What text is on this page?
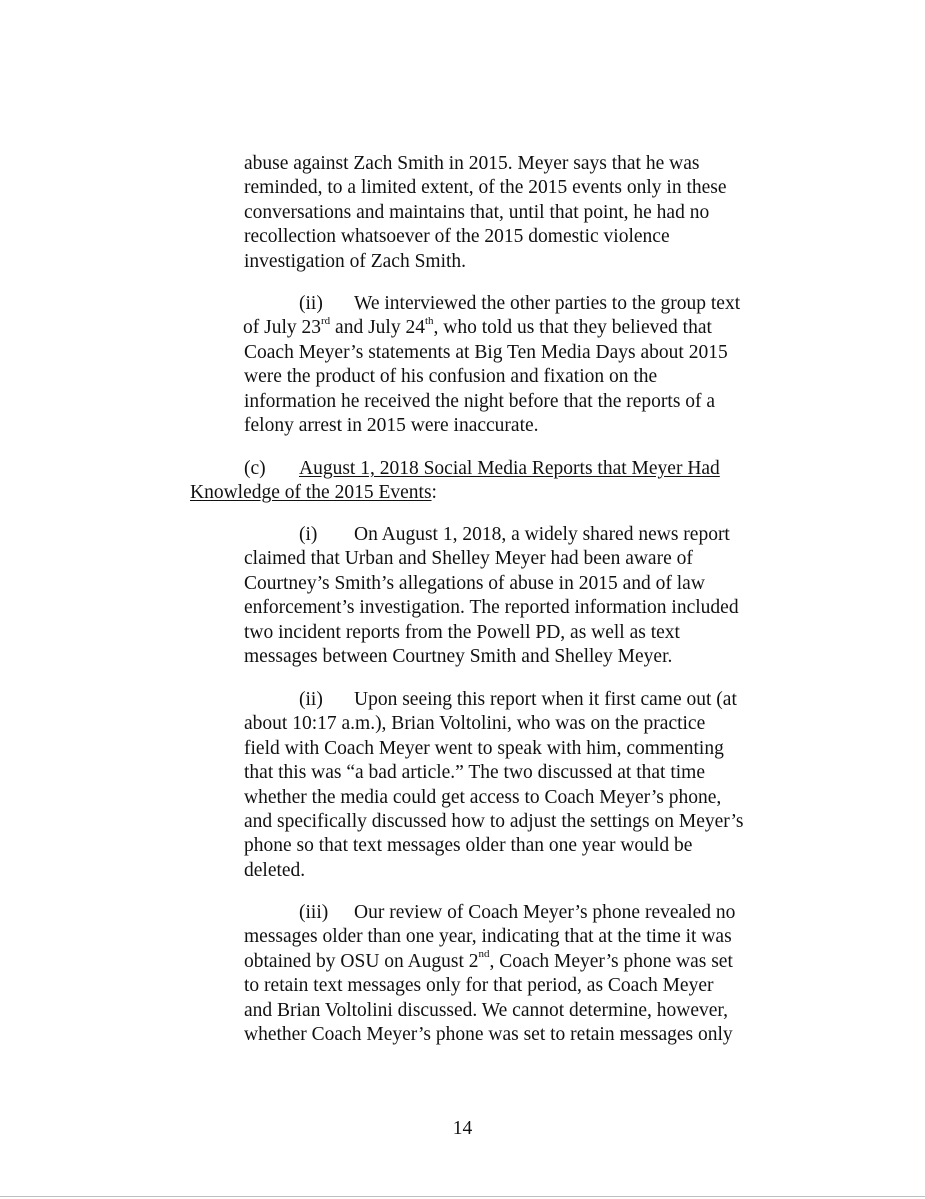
abuse against Zach Smith in 2015. Meyer says that he was
reminded, to a limited extent, of the 2015 events only in these
conversations and maintains that, until that point, he had no
recollection whatsoever of the 2015 domestic violence
investigation of Zach Smith.
(ii) We interviewed the other parties to the group text
of July 23rd and July 24th, who told us that they believed that
Coach Meyer’s statements at Big Ten Media Days about 2015
were the product of his confusion and fixation on the
information he received the night before that the reports of a
felony arrest in 2015 were inaccurate.
(c) August 1, 2018 Social Media Reports that Meyer Had
Knowledge of the 2015 Events:
(i) On August 1, 2018, a widely shared news report
claimed that Urban and Shelley Meyer had been aware of
Courtney’s Smith’s allegations of abuse in 2015 and of law
enforcement’s investigation. The reported information included
two incident reports from the Powell PD, as well as text
messages between Courtney Smith and Shelley Meyer.
(ii) Upon seeing this report when it first came out (at
about 10:17 a.m.), Brian Voltolini, who was on the practice
field with Coach Meyer went to speak with him, commenting
that this was “a bad article.” The two discussed at that time
whether the media could get access to Coach Meyer’s phone,
and specifically discussed how to adjust the settings on Meyer’s
phone so that text messages older than one year would be
deleted.
(iii) Our review of Coach Meyer’s phone revealed no
messages older than one year, indicating that at the time it was
obtained by OSU on August 2nd, Coach Meyer’s phone was set
to retain text messages only for that period, as Coach Meyer
and Brian Voltolini discussed. We cannot determine, however,
whether Coach Meyer’s phone was set to retain messages only
14
